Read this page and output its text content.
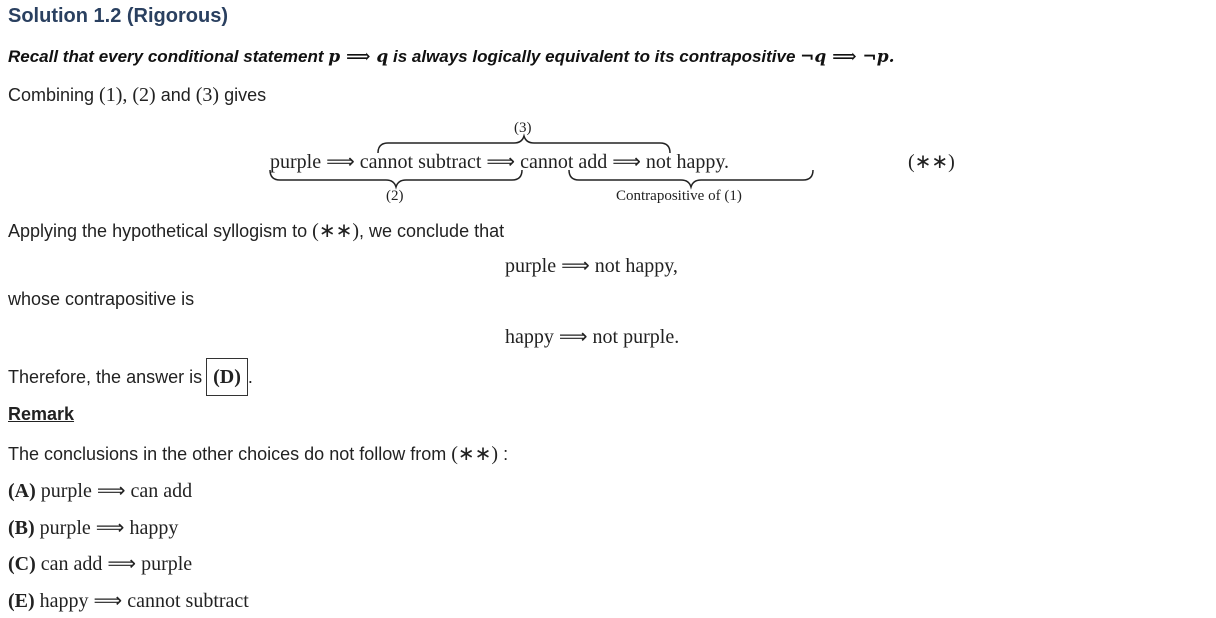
Solution 1.2 (Rigorous)
Recall that every conditional statement p ⟹ q is always logically equivalent to its contrapositive ¬q ⟹ ¬p.
Combining (1), (2) and (3) gives
(3)
purple ⟹ cannot subtract ⟹ cannot add ⟹ not happy.	(∗∗)
(2)	Contrapositive of (1)
Applying the hypothetical syllogism to (∗∗), we conclude that
purple ⟹ not happy,
whose contrapositive is
happy ⟹ not purple.
Therefore, the answer is (D) .
Remark
The conclusions in the other choices do not follow from (∗∗) :
(A) purple ⟹ can add
(B) purple ⟹ happy
(C) can add ⟹ purple
(E) happy ⟹ cannot subtract
